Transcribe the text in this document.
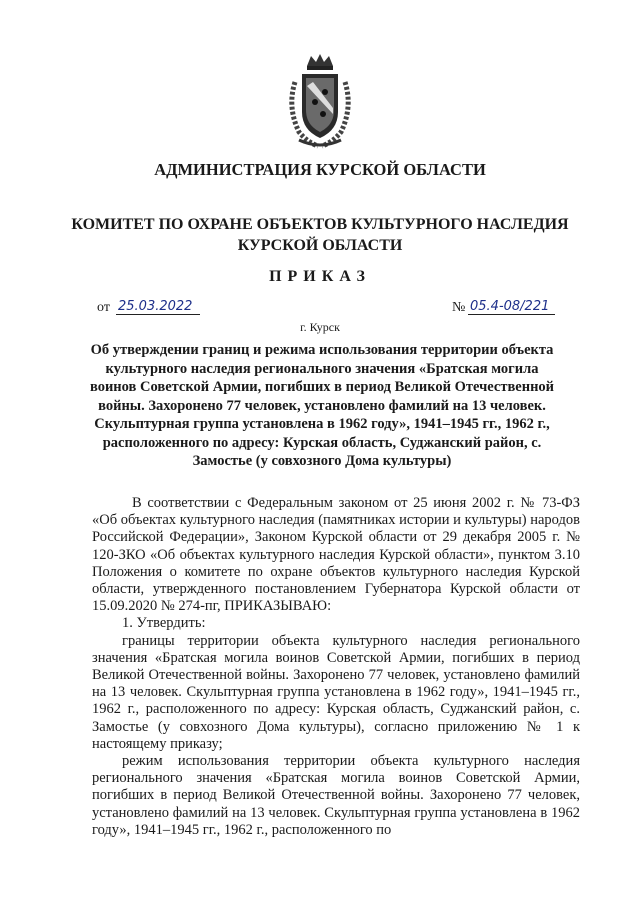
АДМИНИСТРАЦИЯ КУРСКОЙ ОБЛАСТИ
КОМИТЕТ ПО ОХРАНЕ ОБЪЕКТОВ КУЛЬТУРНОГО НАСЛЕДИЯ
КУРСКОЙ ОБЛАСТИ
ПРИКАЗ
от 25.03.2022	№ 05.4-08/221
г. Курск
Об утверждении границ и режима использования территории объекта культурного наследия регионального значения «Братская могила воинов Советской Армии, погибших в период Великой Отечественной войны. Захоронено 77 человек, установлено фамилий на 13 человек. Скульптурная группа установлена в 1962 году», 1941–1945 гг., 1962 г., расположенного по адресу: Курская область, Суджанский район, с. Замостье (у совхозного Дома культуры)

В соответствии с Федеральным законом от 25 июня 2002 г. № 73-ФЗ «Об объектах культурного наследия (памятниках истории и культуры) народов Российской Федерации», Законом Курской области от 29 декабря 2005 г. № 120-ЗКО «Об объектах культурного наследия Курской области», пунктом 3.10 Положения о комитете по охране объектов культурного наследия Курской области, утвержденного постановлением Губернатора Курской области от 15.09.2020 № 274-пг, ПРИКАЗЫВАЮ:

1. Утвердить:

границы территории объекта культурного наследия регионального значения «Братская могила воинов Советской Армии, погибших в период Великой Отечественной войны. Захоронено 77 человек, установлено фамилий на 13 человек. Скульптурная группа установлена в 1962 году», 1941–1945 гг., 1962 г., расположенного по адресу: Курская область, Суджанский район, с. Замостье (у совхозного Дома культуры), согласно приложению № 1 к настоящему приказу;

режим использования территории объекта культурного наследия регионального значения «Братская могила воинов Советской Армии, погибших в период Великой Отечественной войны. Захоронено 77 человек, установлено фамилий на 13 человек. Скульптурная группа установлена в 1962 году», 1941–1945 гг., 1962 г., расположенного по
